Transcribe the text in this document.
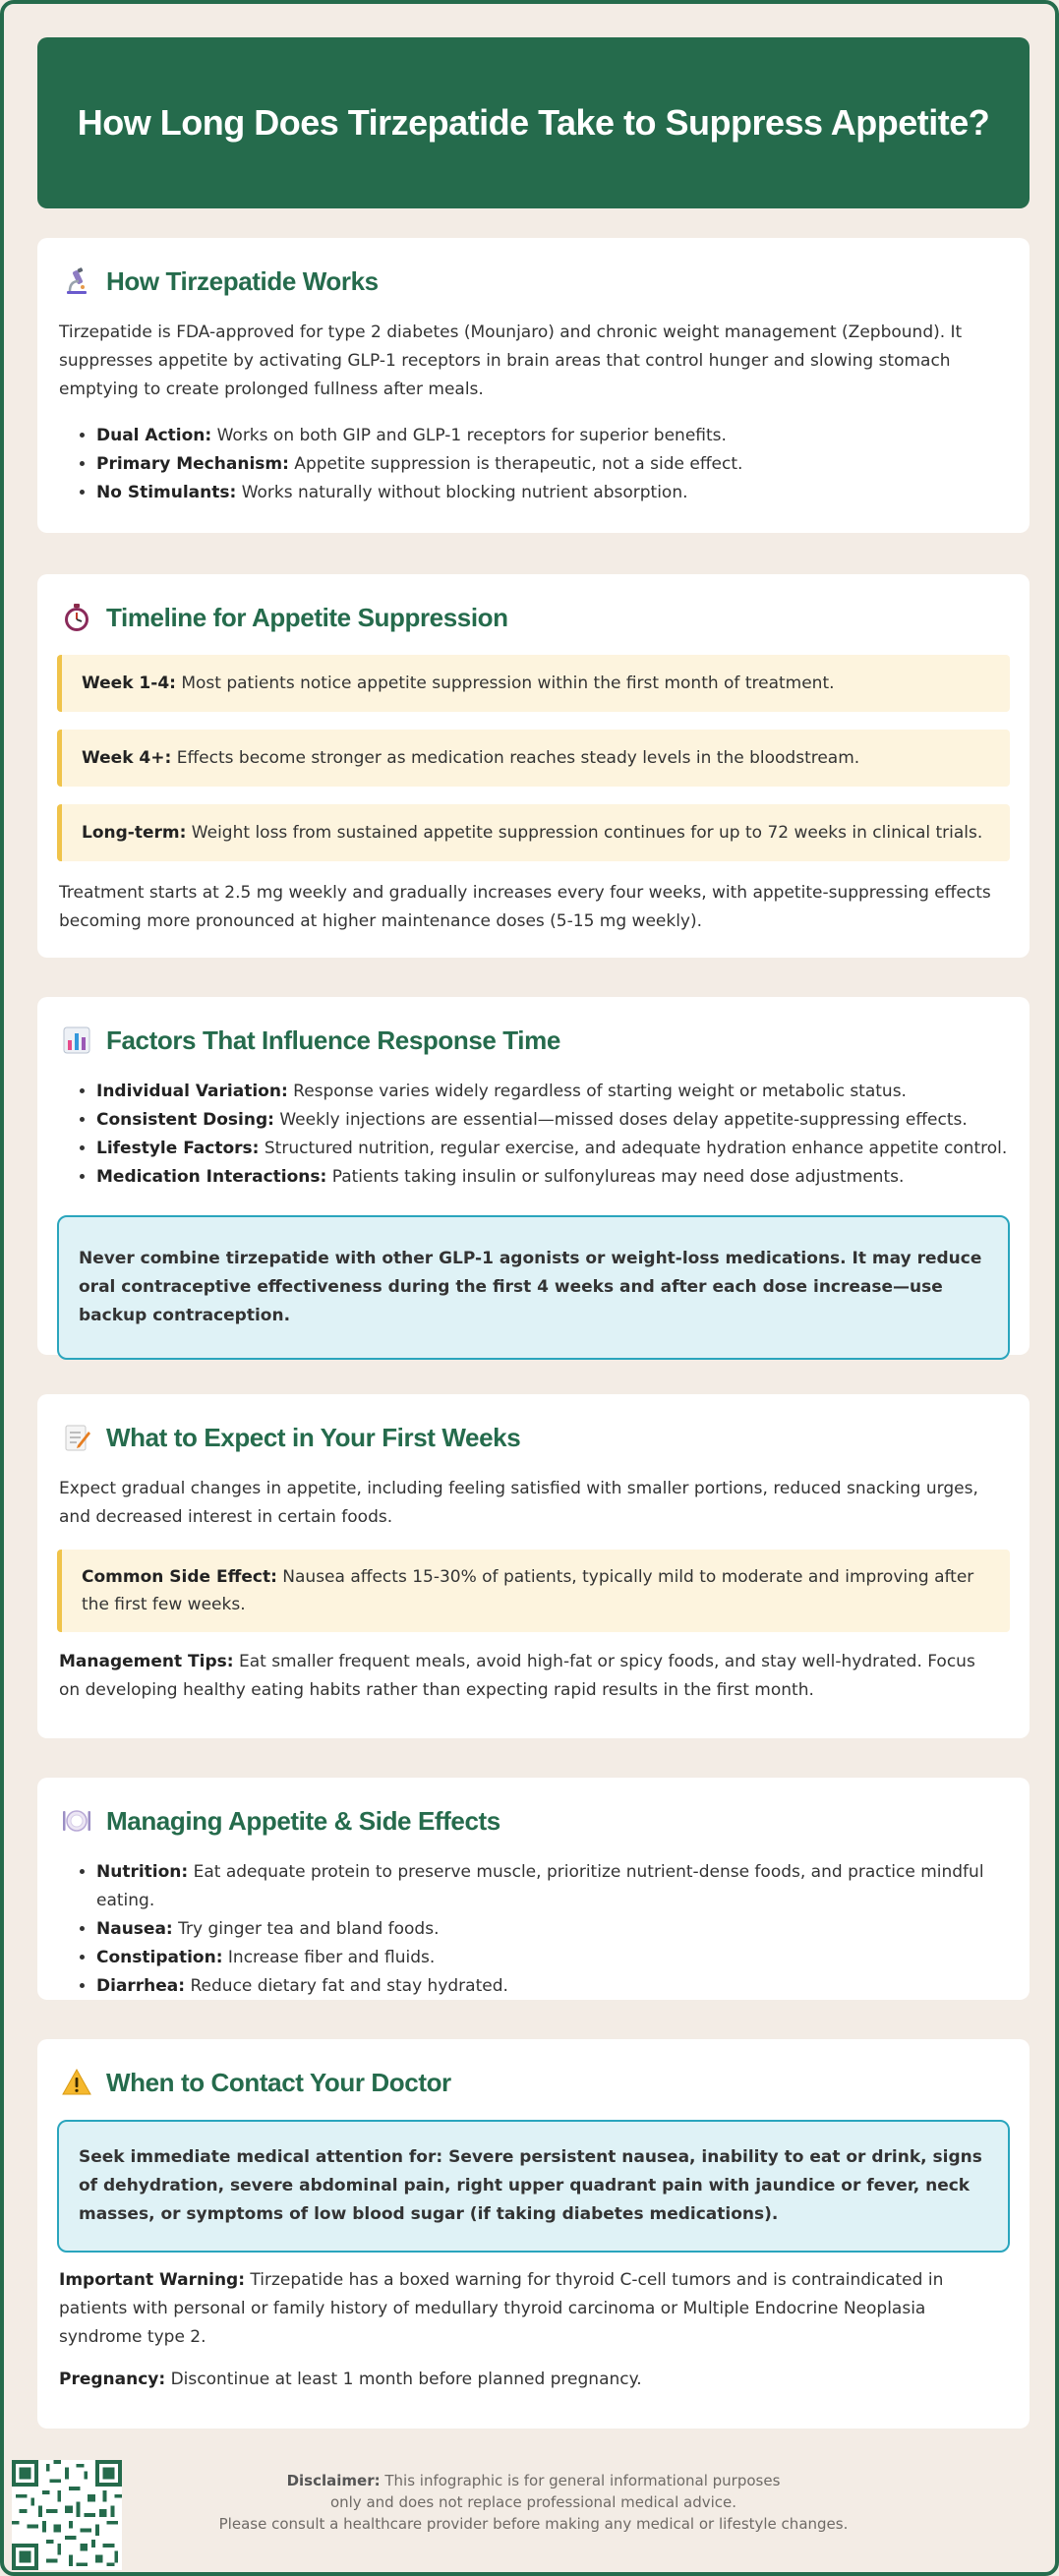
How Long Does Tirzepatide Take to Suppress Appetite?
How Tirzepatide Works

Tirzepatide is FDA-approved for type 2 diabetes (Mounjaro) and chronic weight management (Zepbound). It suppresses appetite by activating GLP-1 receptors in brain areas that control hunger and slowing stomach emptying to create prolonged fullness after meals.

• Dual Action: Works on both GIP and GLP-1 receptors for superior benefits.
• Primary Mechanism: Appetite suppression is therapeutic, not a side effect.
• No Stimulants: Works naturally without blocking nutrient absorption.
Timeline for Appetite Suppression
Week 1-4: Most patients notice appetite suppression within the first month of treatment.
Week 4+: Effects become stronger as medication reaches steady levels in the bloodstream.
Long-term: Weight loss from sustained appetite suppression continues for up to 72 weeks in clinical trials.

Treatment starts at 2.5 mg weekly and gradually increases every four weeks, with appetite-suppressing effects becoming more pronounced at higher maintenance doses (5-15 mg weekly).

Factors That Influence Response Time
• Individual Variation: Response varies widely regardless of starting weight or metabolic status.
• Consistent Dosing: Weekly injections are essential—missed doses delay appetite-suppressing effects.
• Lifestyle Factors: Structured nutrition, regular exercise, and adequate hydration enhance appetite control.
• Medication Interactions: Patients taking insulin or sulfonylureas may need dose adjustments.
Never combine tirzepatide with other GLP-1 agonists or weight-loss medications. It may reduce oral contraceptive effectiveness during the first 4 weeks and after each dose increase—use backup contraception.
What to Expect in Your First Weeks

Expect gradual changes in appetite, including feeling satisfied with smaller portions, reduced snacking urges, and decreased interest in certain foods.

Common Side Effect: Nausea affects 15-30% of patients, typically mild to moderate and improving after the first few weeks.

Management Tips: Eat smaller frequent meals, avoid high-fat or spicy foods, and stay well-hydrated. Focus on developing healthy eating habits rather than expecting rapid results in the first month.

Managing Appetite & Side Effects
• Nutrition: Eat adequate protein to preserve muscle, prioritize nutrient-dense foods, and practice mindful eating.
• Nausea: Try ginger tea and bland foods.
• Constipation: Increase fiber and fluids.
• Diarrhea: Reduce dietary fat and stay hydrated.
When to Contact Your Doctor
Seek immediate medical attention for: Severe persistent nausea, inability to eat or drink, signs of dehydration, severe abdominal pain, right upper quadrant pain with jaundice or fever, neck masses, or symptoms of low blood sugar (if taking diabetes medications).

Important Warning: Tirzepatide has a boxed warning for thyroid C-cell tumors and is contraindicated in patients with personal or family history of medullary thyroid carcinoma or Multiple Endocrine Neoplasia syndrome type 2.

Pregnancy: Discontinue at least 1 month before planned pregnancy.

Disclaimer: This infographic is for general informational purposes
only and does not replace professional medical advice.
Please consult a healthcare provider before making any medical or lifestyle changes.
